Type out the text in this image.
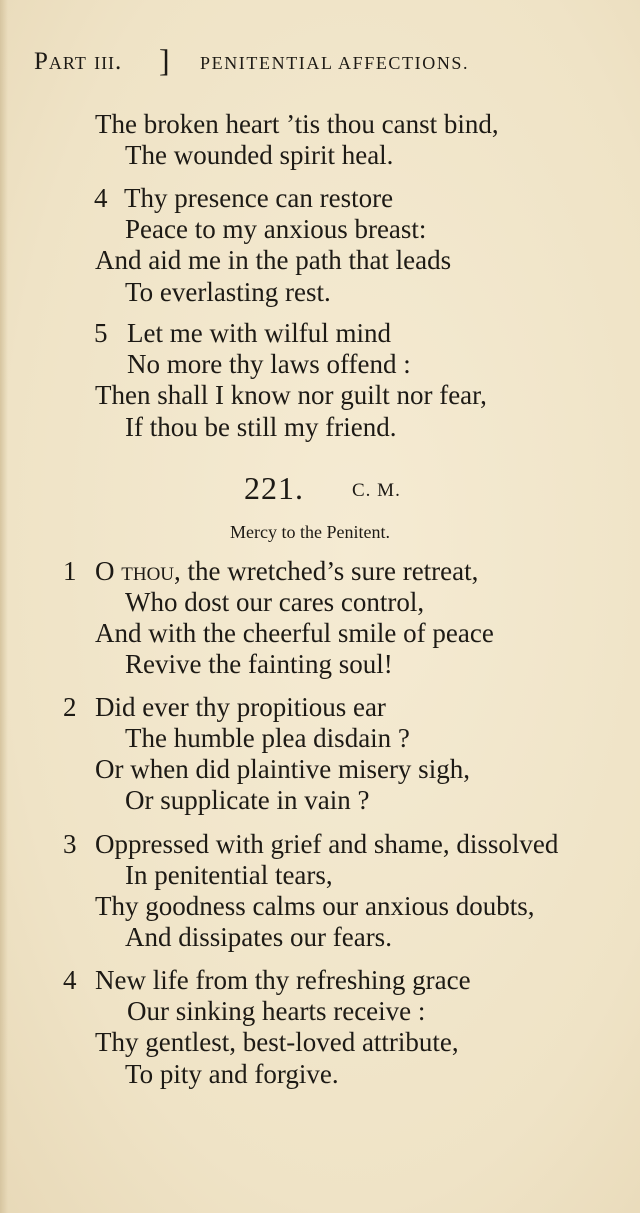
Part iii. ] PENITENTIAL AFFECTIONS.
The broken heart ’tis thou canst bind,
The wounded spirit heal.
4 Thy presence can restore
Peace to my anxious breast:
And aid me in the path that leads
To everlasting rest.
5 Let me with wilful mind
No more thy laws offend :
Then shall I know nor guilt nor fear,
If thou be still my friend.
221.	C. M.
Mercy to the Penitent.
1 O thou, the wretched’s sure retreat,
Who dost our cares control,
And with the cheerful smile of peace
Revive the fainting soul!
2 Did ever thy propitious ear
The humble plea disdain ?
Or when did plaintive misery sigh,
Or supplicate in vain ?
3 Oppressed with grief and shame, dissolved
In penitential tears,
Thy goodness calms our anxious doubts,
And dissipates our fears.
4 New life from thy refreshing grace
Our sinking hearts receive :
Thy gentlest, best-loved attribute,
To pity and forgive.
